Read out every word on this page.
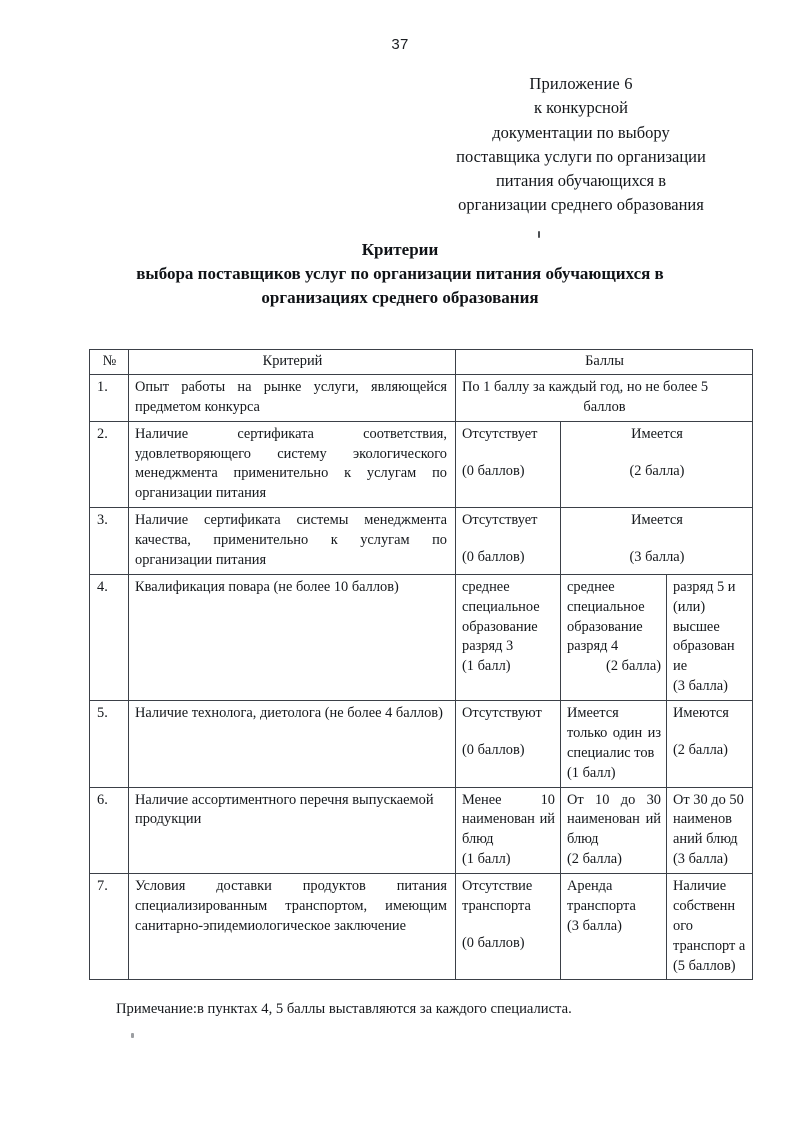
37
Приложение 6
к конкурсной
документации по выбору
поставщика услуги по организации
питания обучающихся в
организации среднего образования
Критерии
выбора поставщиков услуг по организации питания обучающихся в
организациях среднего образования
№	Критерий	Баллы		
1.	Опыт работы на рынке услуги, являющейся предметом конкурса	По 1 баллу за каждый год, но не более 5
баллов		

2.	Наличие сертификата соответствия, удовлетворяющего систему экологического менеджмента применительно к услугам по организации питания	Отсутствует
(0 баллов)	Имеется
(2 балла)	

3.	Наличие сертификата системы менеджмента качества, применительно к услугам по организации питания	Отсутствует
(0 баллов)	Имеется
(3 балла)	

4.	Квалификация повара (не более 10 баллов)	среднее специальное образование разряд 3
(1 балл)	среднее специальное образование разряд 4
(2 балла)	разряд 5 и (или) высшее образован ие
(3 балла)

5.	Наличие технолога, диетолога (не более 4 баллов)	Отсутствуют
(0 баллов)	Имеется только один из специалис тов
(1 балл)	Имеются
(2 балла)

6.	Наличие ассортиментного перечня выпускаемой продукции	Менее 10 наименован ий блюд
(1 балл)	От 10 до 30 наименован ий блюд
(2 балла)	От 30 до 50 наименов аний блюд
(3 балла)

7.	Условия доставки продуктов питания специализированным транспортом, имеющим санитарно-эпидемиологическое заключение	Отсутствие транспорта
(0 баллов)	Аренда транспорта
(3 балла)	Наличие собственн ого транспорт а
(5 баллов)
Примечание:в пунктах 4, 5 баллы выставляются за каждого специалиста.
